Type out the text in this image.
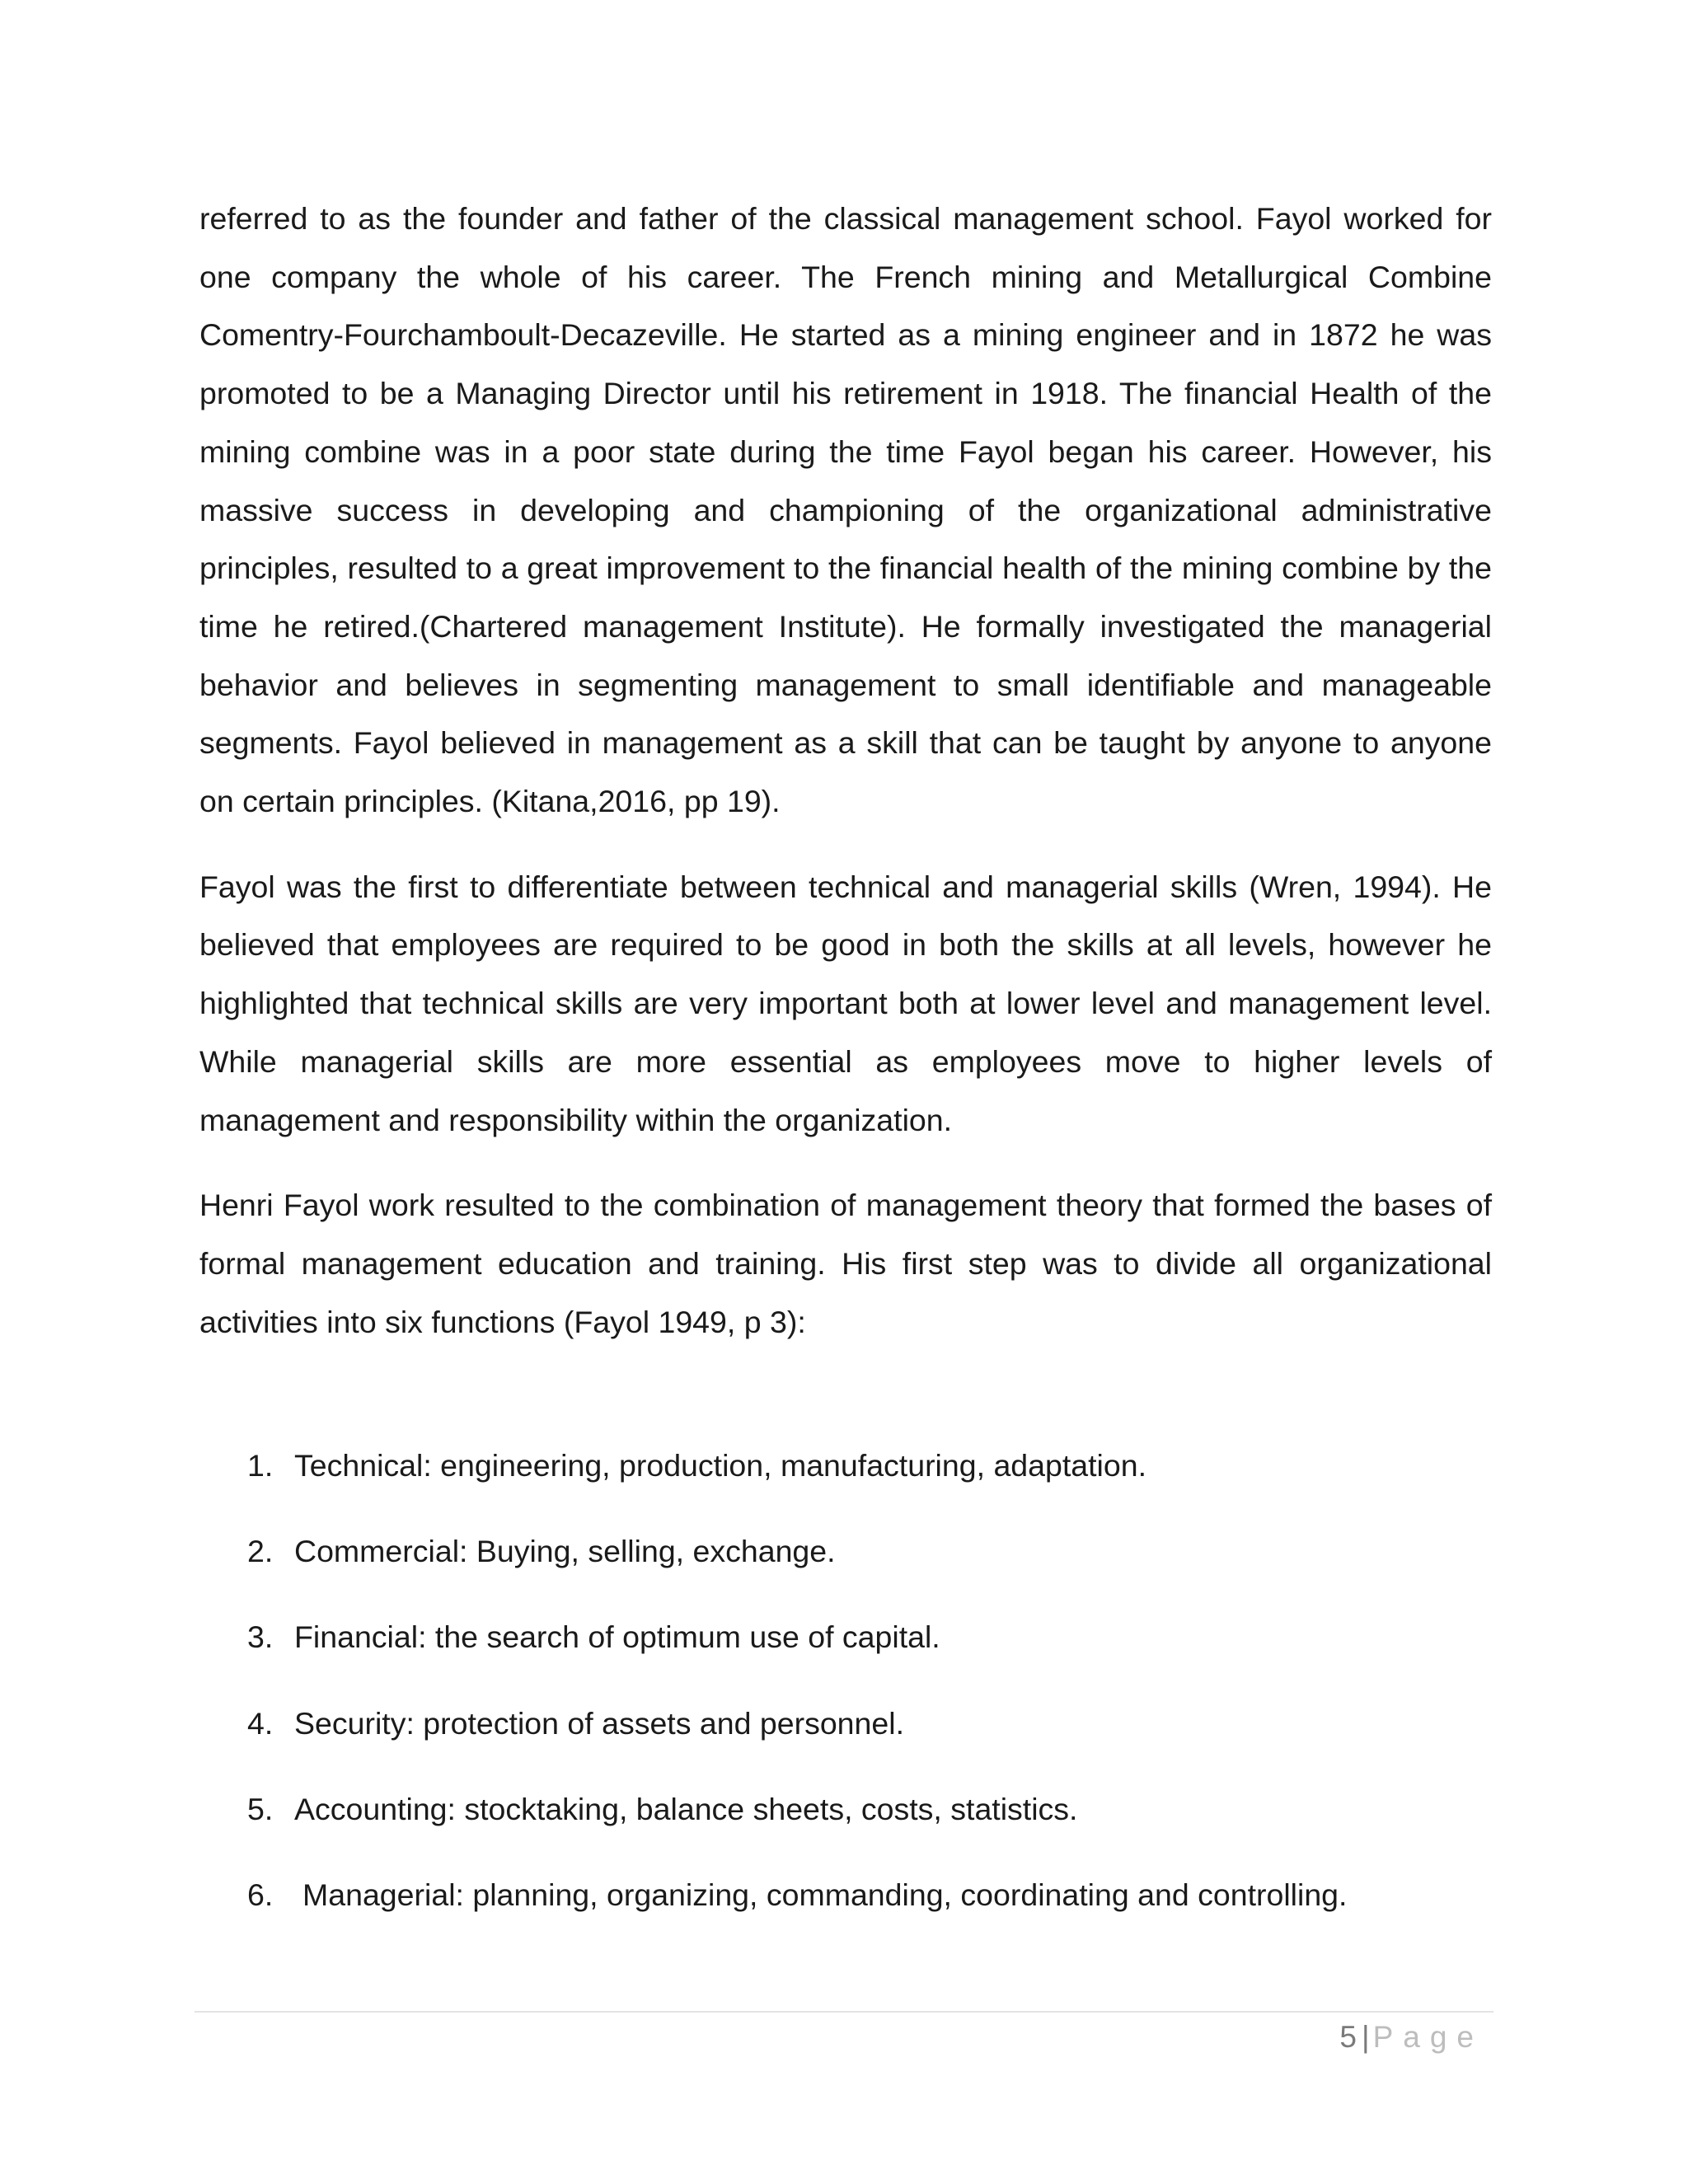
referred to as the founder and father of the classical management school. Fayol worked for one company the whole of his career. The French mining and Metallurgical Combine Comentry-Fourchamboult-Decazeville. He started as a mining engineer and in 1872 he was promoted to be a Managing Director until his retirement in 1918. The financial Health of the mining combine was in a poor state during the time Fayol began his career. However, his massive success in developing and championing of the organizational administrative principles, resulted to a great improvement to the financial health of the mining combine by the time he retired.(Chartered management Institute). He formally investigated the managerial behavior and believes in segmenting management to small identifiable and manageable segments. Fayol believed in management as a skill that can be taught by anyone to anyone on certain principles. (Kitana,2016, pp 19).

Fayol was the first to differentiate between technical and managerial skills (Wren, 1994). He believed that employees are required to be good in both the skills at all levels, however he highlighted that technical skills are very important both at lower level and management level. While managerial skills are more essential as employees move to higher levels of management and responsibility within the organization.

Henri Fayol work resulted to the combination of management theory that formed the bases of formal management education and training. His first step was to divide all organizational activities into six functions (Fayol 1949, p 3):

1. Technical: engineering, production, manufacturing, adaptation.
2. Commercial: Buying, selling, exchange.
3. Financial: the search of optimum use of capital.
4. Security: protection of assets and personnel.
5. Accounting: stocktaking, balance sheets, costs, statistics.
6. Managerial: planning, organizing, commanding, coordinating and controlling.
5 | Page
